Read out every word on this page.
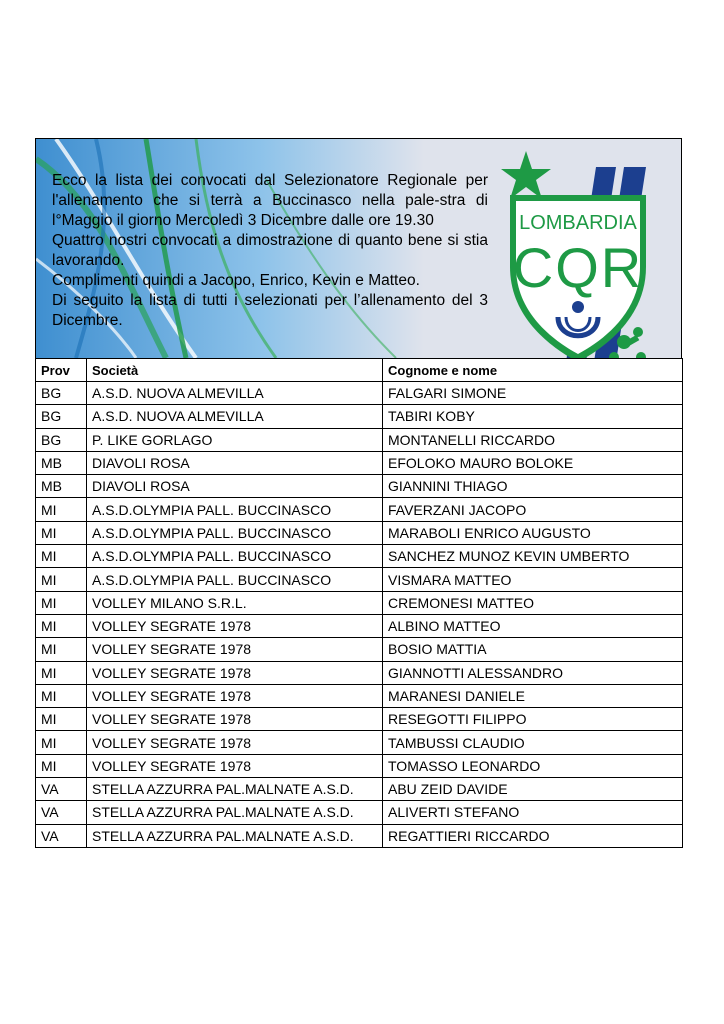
Ecco la lista dei convocati dal Selezionatore Regionale per l'allenamento che si terrà a Buccinasco nella pale-stra di l°Maggio il giorno Mercoledì 3 Dicembre dalle ore 19.30

Quattro nostri convocati a dimostrazione di quanto bene si stia lavorando.

Complimenti quindi a Jacopo, Enrico, Kevin e Matteo.

Di seguito la lista di tutti i selezionati per l’allenamento del 3 Dicembre.

LOMBARDIA
CQR
Prov	Società	Cognome e nome
BG	A.S.D. NUOVA ALMEVILLA	FALGARI SIMONE
BG	A.S.D. NUOVA ALMEVILLA	TABIRI KOBY
BG	P. LIKE GORLAGO	MONTANELLI RICCARDO
MB	DIAVOLI ROSA	EFOLOKO MAURO BOLOKE
MB	DIAVOLI ROSA	GIANNINI THIAGO
MI	A.S.D.OLYMPIA PALL. BUCCINASCO	FAVERZANI JACOPO
MI	A.S.D.OLYMPIA PALL. BUCCINASCO	MARABOLI ENRICO AUGUSTO
MI	A.S.D.OLYMPIA PALL. BUCCINASCO	SANCHEZ MUNOZ KEVIN UMBERTO
MI	A.S.D.OLYMPIA PALL. BUCCINASCO	VISMARA MATTEO
MI	VOLLEY MILANO S.R.L.	CREMONESI MATTEO
MI	VOLLEY SEGRATE 1978	ALBINO MATTEO
MI	VOLLEY SEGRATE 1978	BOSIO MATTIA
MI	VOLLEY SEGRATE 1978	GIANNOTTI ALESSANDRO
MI	VOLLEY SEGRATE 1978	MARANESI DANIELE
MI	VOLLEY SEGRATE 1978	RESEGOTTI FILIPPO
MI	VOLLEY SEGRATE 1978	TAMBUSSI CLAUDIO
MI	VOLLEY SEGRATE 1978	TOMASSO LEONARDO
VA	STELLA AZZURRA PAL.MALNATE A.S.D.	ABU ZEID DAVIDE
VA	STELLA AZZURRA PAL.MALNATE A.S.D.	ALIVERTI STEFANO
VA	STELLA AZZURRA PAL.MALNATE A.S.D.	REGATTIERI RICCARDO
